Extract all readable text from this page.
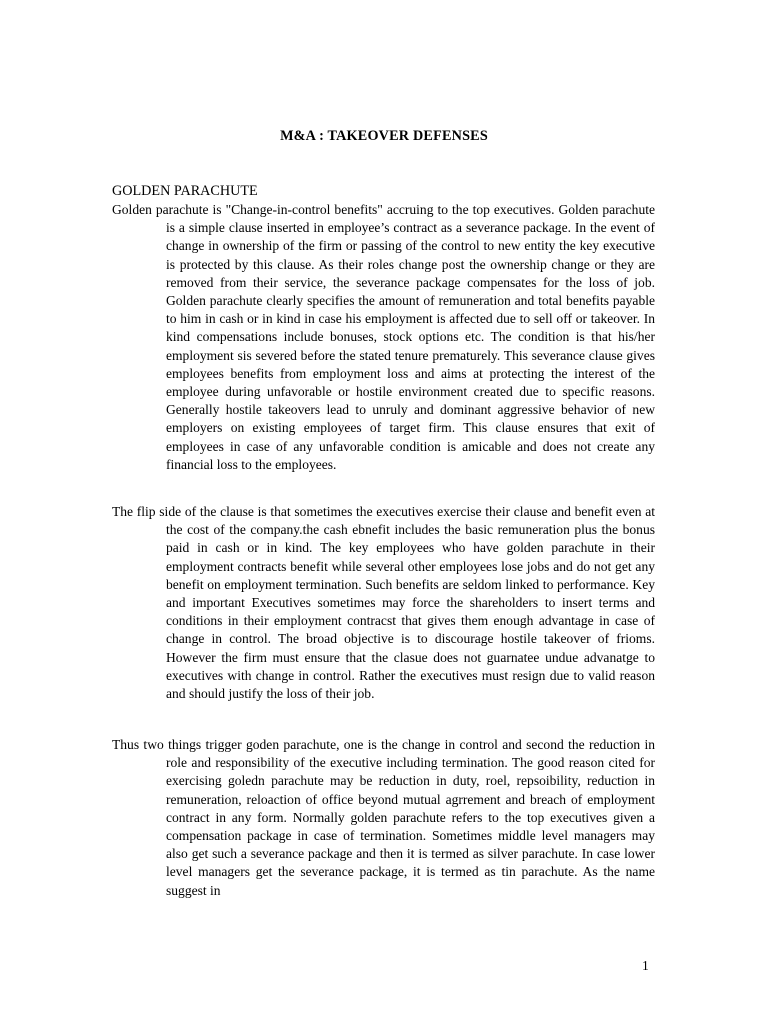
M&A : TAKEOVER DEFENSES

GOLDEN PARACHUTE

Golden parachute is "Change-in-control benefits" accruing to the top executives. Golden parachute is a simple clause inserted in employee’s contract as a severance package. In the event of change in ownership of the firm or passing of the control to new entity the key executive is protected by this clause. As their roles change post the ownership change or they are removed from their service, the severance package compensates for the loss of job. Golden parachute clearly specifies the amount of remuneration and total benefits payable to him in cash or in kind in case his employment is affected due to sell off or takeover. In kind compensations include bonuses, stock options etc. The condition is that his/her employment sis severed before the stated tenure prematurely. This severance clause gives employees benefits from employment loss and aims at protecting the interest of the employee during unfavorable or hostile environment created due to specific reasons. Generally hostile takeovers lead to unruly and dominant aggressive behavior of new employers on existing employees of target firm. This clause ensures that exit of employees in case of any unfavorable condition is amicable and does not create any financial loss to the employees.

The flip side of the clause is that sometimes the executives exercise their clause and benefit even at the cost of the company.the cash ebnefit includes the basic remuneration plus the bonus paid in cash or in kind. The key employees who have golden parachute in their employment contracts benefit while several other employees lose jobs and do not get any benefit on employment termination. Such benefits are seldom linked to performance. Key and important Executives sometimes may force the shareholders to insert terms and conditions in their employment contracst that gives them enough advantage in case of change in control. The broad objective is to discourage hostile takeover of frioms. However the firm must ensure that the clasue does not guarnatee undue advanatge to executives with change in control. Rather the executives must resign due to valid reason and should justify the loss of their job.

Thus two things trigger goden parachute, one is the change in control and second the reduction in role and responsibility of the executive including termination. The good reason cited for exercising goledn parachute may be reduction in duty, roel, repsoibility, reduction in remuneration, reloaction of office beyond mutual agrrement and breach of employment contract in any form. Normally golden parachute refers to the top executives given a compensation package in case of termination. Sometimes middle level managers may also get such a severance package and then it is termed as silver parachute. In case lower level managers get the severance package, it is termed as tin parachute. As the name suggest in

1
